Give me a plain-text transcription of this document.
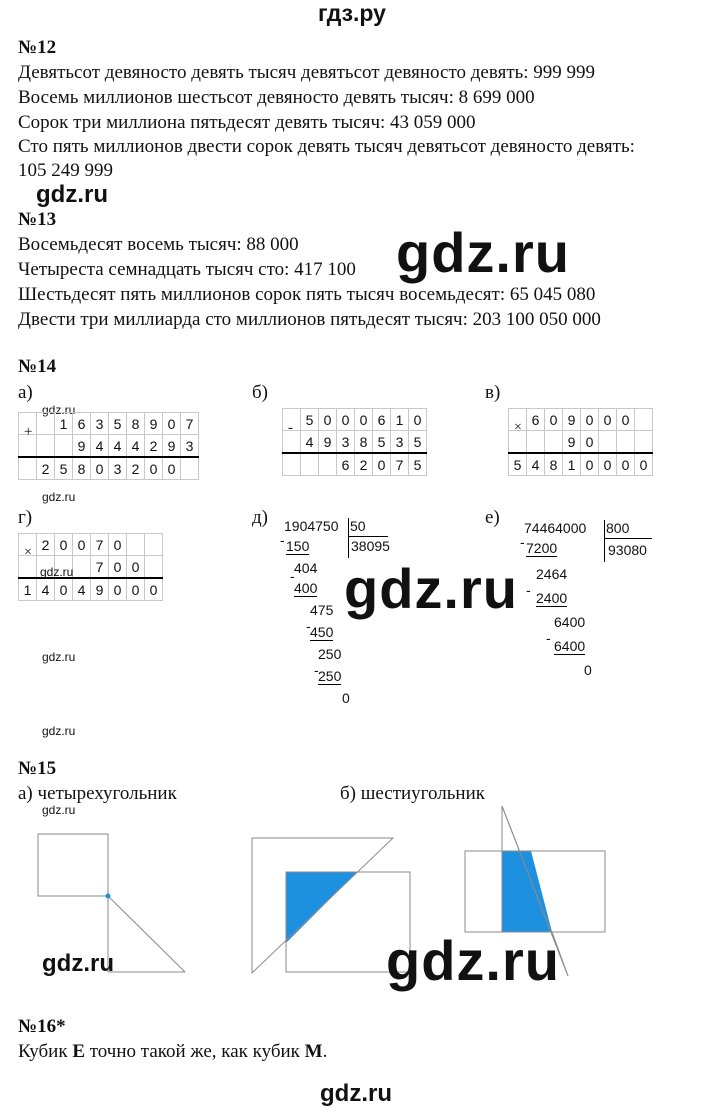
гдз.ру
№12
Девятьсот девяносто девять тысяч девятьсот девяносто девять: 999 999
Восемь миллионов шестьсот девяносто девять тысяч: 8 699 000
Сорок три миллиона пятьдесят девять тысяч: 43 059 000
Сто пять миллионов двести сорок девять тысяч девятьсот девяносто девять:
105 249 999
gdz.ru
№13
Восемьдесят восемь тысяч: 88 000
Четыреста семнадцать тысяч сто: 417 100
Шестьдесят пять миллионов сорок пять тысяч восемьдесят: 65 045 080
Двести три миллиарда сто миллионов пятьдесят тысяч: 203 100 050 000
gdz.ru
№14
а)
gdz.ru
		1	6	3	5	8	9	0	7
			9	4	4	4	2	9	3
	2	5	8	0	3	2	0	0	
+
б)
	5	0	0	0	6	1	0
	4	9	3	8	5	3	5
			6	2	0	7	5
-
в)
	6	0	9	0	0	0	
			9	0			
5	4	8	1	0	0	0	0
×
gdz.ru
г)
	2	0	0	7	0		
				7	0	0	
1	4	0	4	9	0	0	0
×
gdz.ru
д) 1904750 50
38095
- 150
- 404
400
475
- 450
250
- 250
0
е) 74464000 800
93080
- 7200
2464
- 2400
6400
- 6400
0
gdz.ru
gdz.ru
gdz.ru
№15
а) четырехугольник	б) шестиугольник
gdz.ru
gdz.ru	gdz.ru
№16*
Кубик Е точно такой же, как кубик М.
gdz.ru
